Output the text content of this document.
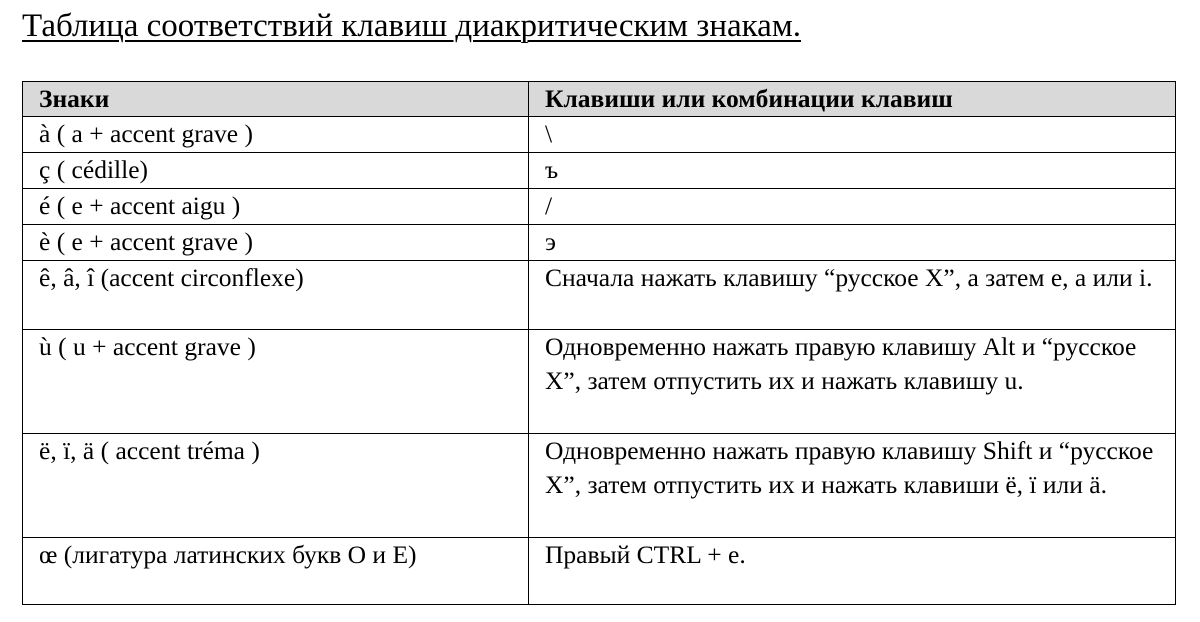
Таблица соответствий клавиш диакритическим знакам.
Знаки	Клавиши или комбинации клавиш
à ( a + accent grave )	\
ç ( cédille)	ъ
é ( e + accent aigu )	/
è ( e + accent grave )	э
ê, â, î (accent circonflexe)	Сначала нажать клавишу “русское Х”, а затем е, а или i.
ù ( u + accent grave )	Одновременно нажать правую клавишу Alt и “русское Х”, затем отпустить их и нажать клавишу u.
ë, ï, ä ( accent tréma )	Одновременно нажать правую клавишу Shift и “русское Х”, затем отпустить их и нажать клавиши ë, ï или ä.
œ (лигатура латинских букв О и Е)	Правый CTRL + e.
